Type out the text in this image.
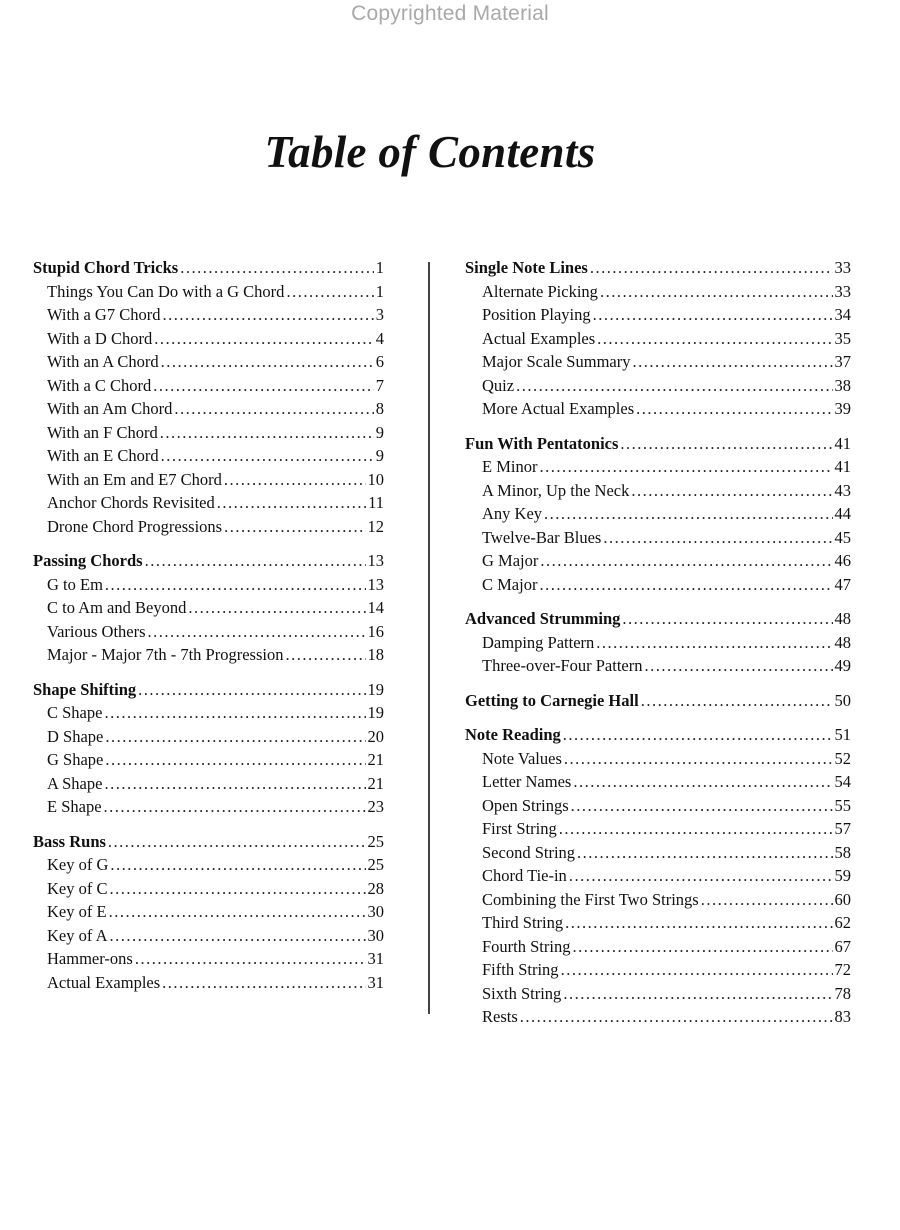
Copyrighted Material
Table of Contents
Stupid Chord Tricks .....	1
Things You Can Do with a G Chord .....	1
With a G7 Chord .....	3
With a D Chord .....	4
With an A Chord .....	6
With a C Chord .....	7
With an Am Chord .....	8
With an F Chord .....	9
With an E Chord .....	9
With an Em and E7 Chord .....	10
Anchor Chords Revisited .....	11
Drone Chord Progressions .....	12
Passing Chords .....	13
G to Em .....	13
C to Am and Beyond .....	14
Various Others .....	16
Major - Major 7th - 7th Progression .....	18
Shape Shifting .....	19
C Shape .....	19
D Shape .....	20
G Shape .....	21
A Shape .....	21
E Shape .....	23
Bass Runs .....	25
Key of G .....	25
Key of C .....	28
Key of E .....	30
Key of A .....	30
Hammer-ons .....	31
Actual Examples .....	31
Single Note Lines .....	33
Alternate Picking .....	33
Position Playing .....	34
Actual Examples .....	35
Major Scale Summary .....	37
Quiz .....	38
More Actual Examples .....	39
Fun With Pentatonics .....	41
E Minor .....	41
A Minor, Up the Neck .....	43
Any Key .....	44
Twelve-Bar Blues .....	45
G Major .....	46
C Major .....	47
Advanced Strumming .....	48
Damping Pattern .....	48
Three-over-Four Pattern .....	49
Getting to Carnegie Hall .....	50
Note Reading .....	51
Note Values .....	52
Letter Names .....	54
Open Strings .....	55
First String .....	57
Second String .....	58
Chord Tie-in .....	59
Combining the First Two Strings .....	60
Third String .....	62
Fourth String .....	67
Fifth String .....	72
Sixth String .....	78
Rests .....	83
